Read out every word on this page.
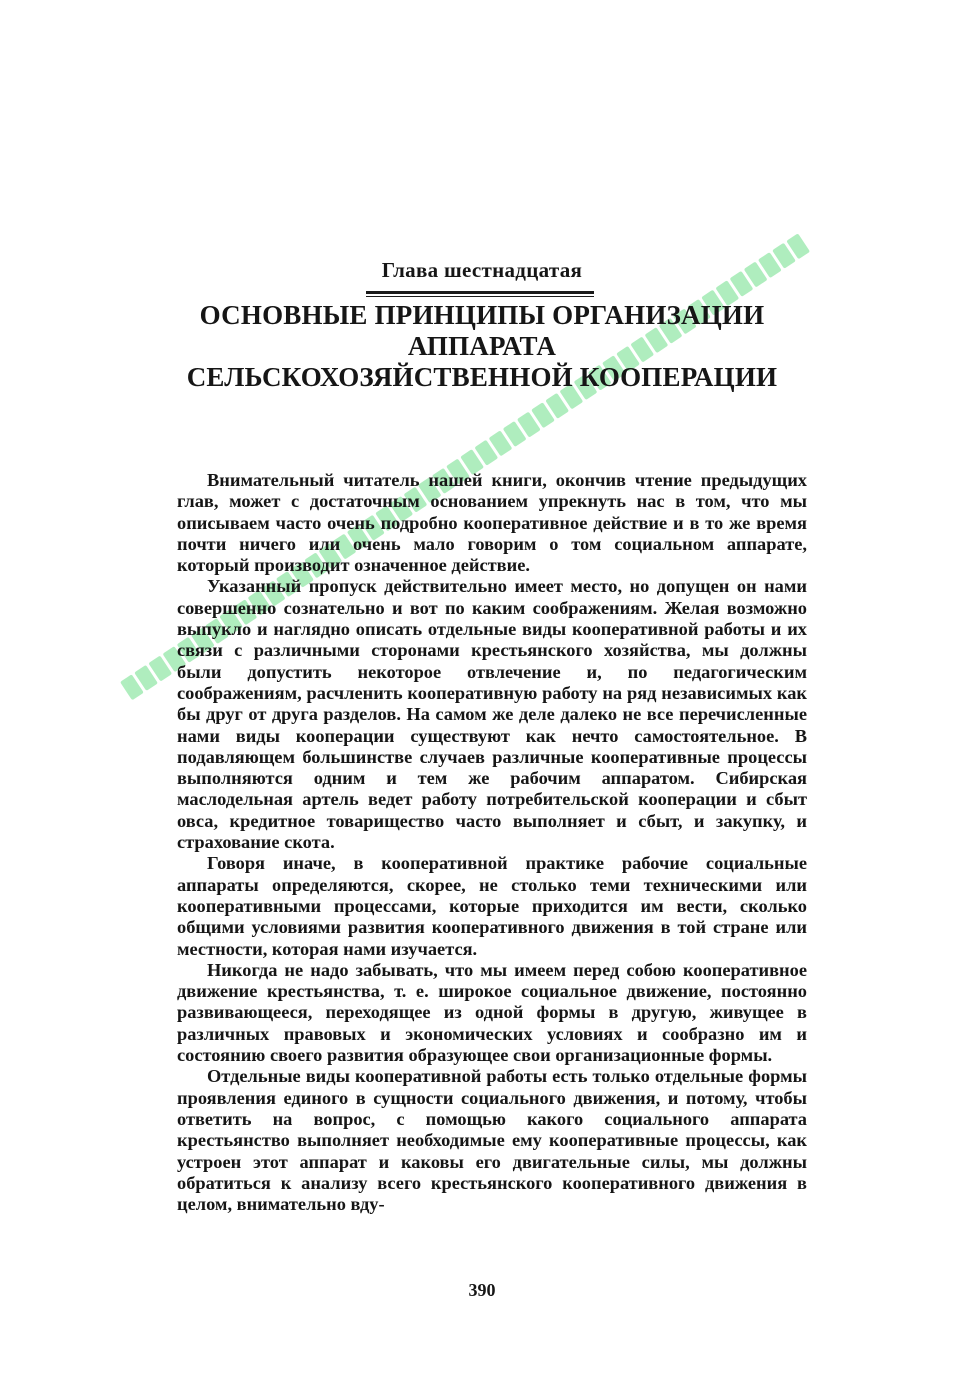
Глава шестнадцатая
ОСНОВНЫЕ ПРИНЦИПЫ ОРГАНИЗАЦИИ
АППАРАТА
СЕЛЬСКОХОЗЯЙСТВЕННОЙ КООПЕРАЦИИ

Внимательный читатель нашей книги, окончив чтение предыдущих глав, может с достаточным основанием упрекнуть нас в том, что мы описываем часто очень подробно кооперативное действие и в то же время почти ничего или очень мало говорим о том социальном аппарате, который производит означенное действие.

Указанный пропуск действительно имеет место, но допущен он нами совершенно сознательно и вот по каким соображениям. Желая возможно выпукло и наглядно описать отдельные виды кооперативной работы и их связи с различными сторонами крестьянского хозяйства, мы должны были допустить некоторое отвлечение и, по педагогическим соображениям, расчленить кооперативную работу на ряд независимых как бы друг от друга разделов. На самом же деле далеко не все перечисленные нами виды кооперации существуют как нечто самостоятельное. В подавляющем большинстве случаев различные кооперативные процессы выполняются одним и тем же рабочим аппаратом. Сибирская маслодельная артель ведет работу потребительской кооперации и сбыт овса, кредитное товарищество часто выполняет и сбыт, и закупку, и страхование скота.

Говоря иначе, в кооперативной практике рабочие социальные аппараты определяются, скорее, не столько теми техническими или кооперативными процессами, которые приходится им вести, сколько общими условиями развития кооперативного движения в той стране или местности, которая нами изучается.

Никогда не надо забывать, что мы имеем перед собою кооперативное движение крестьянства, т. е. широкое социальное движение, постоянно развивающееся, переходящее из одной формы в другую, живущее в различных правовых и экономических условиях и сообразно им и состоянию своего развития образующее свои организационные формы.

Отдельные виды кооперативной работы есть только отдельные формы проявления единого в сущности социального движения, и потому, чтобы ответить на вопрос, с помощью какого социального аппарата крестьянство выполняет необходимые ему кооперативные процессы, как устроен этот аппарат и каковы его двигательные силы, мы должны обратиться к анализу всего крестьянского кооперативного движения в целом, внимательно вду-

390
